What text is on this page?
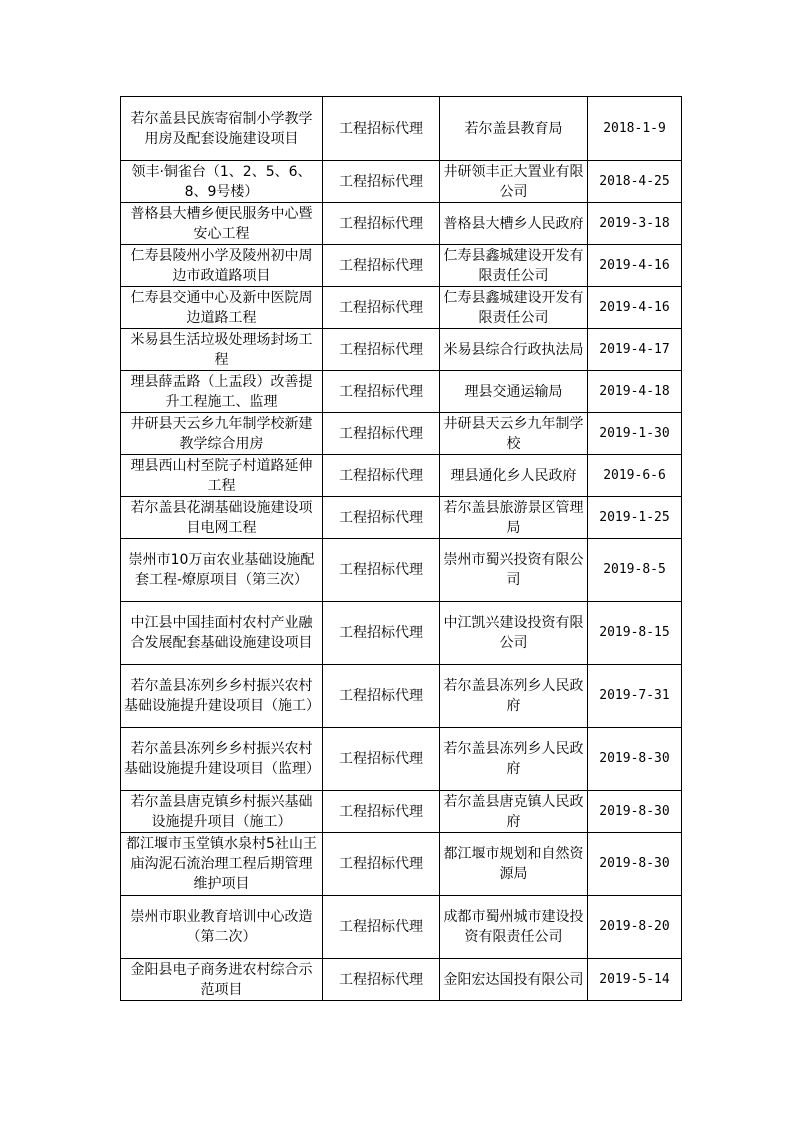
若尔盖县民族寄宿制小学教学用房及配套设施建设项目	工程招标代理	若尔盖县教育局	2018-1-9
领丰·铜雀台（1、2、5、6、8、9号楼）	工程招标代理	井研领丰正大置业有限公司	2018-4-25
普格县大槽乡便民服务中心暨安心工程	工程招标代理	普格县大槽乡人民政府	2019-3-18
仁寿县陵州小学及陵州初中周边市政道路项目	工程招标代理	仁寿县鑫城建设开发有限责任公司	2019-4-16
仁寿县交通中心及新中医院周边道路工程	工程招标代理	仁寿县鑫城建设开发有限责任公司	2019-4-16
米易县生活垃圾处理场封场工程	工程招标代理	米易县综合行政执法局	2019-4-17
理县薛盂路（上盂段）改善提升工程施工、监理	工程招标代理	理县交通运输局	2019-4-18
井研县天云乡九年制学校新建教学综合用房	工程招标代理	井研县天云乡九年制学校	2019-1-30
理县西山村至院子村道路延伸工程	工程招标代理	理县通化乡人民政府	2019-6-6
若尔盖县花湖基础设施建设项目电网工程	工程招标代理	若尔盖县旅游景区管理局	2019-1-25
崇州市10万亩农业基础设施配套工程-燎原项目（第三次）	工程招标代理	崇州市蜀兴投资有限公司	2019-8-5
中江县中国挂面村农村产业融合发展配套基础设施建设项目	工程招标代理	中江凯兴建设投资有限公司	2019-8-15
若尔盖县冻列乡乡村振兴农村基础设施提升建设项目（施工）	工程招标代理	若尔盖县冻列乡人民政府	2019-7-31
若尔盖县冻列乡乡村振兴农村基础设施提升建设项目（监理）	工程招标代理	若尔盖县冻列乡人民政府	2019-8-30
若尔盖县唐克镇乡村振兴基础设施提升项目（施工）	工程招标代理	若尔盖县唐克镇人民政府	2019-8-30
都江堰市玉堂镇水泉村5社山王庙沟泥石流治理工程后期管理维护项目	工程招标代理	都江堰市规划和自然资源局	2019-8-30
崇州市职业教育培训中心改造（第二次）	工程招标代理	成都市蜀州城市建设投资有限责任公司	2019-8-20
金阳县电子商务进农村综合示范项目	工程招标代理	金阳宏达国投有限公司	2019-5-14
